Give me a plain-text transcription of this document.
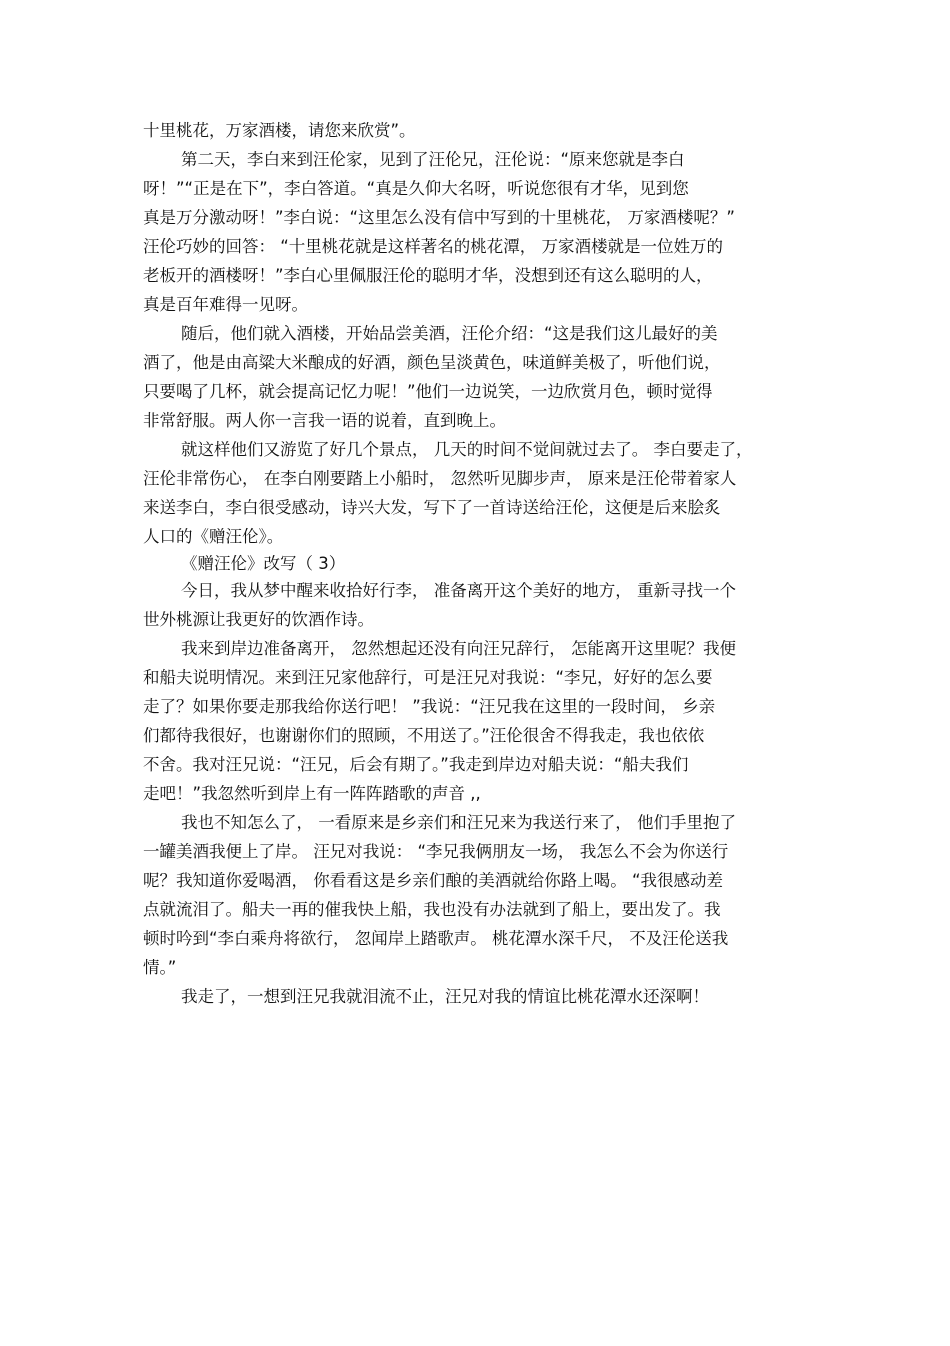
十里桃花，万家酒楼，请您来欣赏”。
第二天，李白来到汪伦家，见到了汪伦兄，汪伦说：“原来您就是李白
呀！”“正是在下”，李白答道。“真是久仰大名呀，听说您很有才华，见到您
真是万分激动呀！”李白说：“这里怎么没有信中写到的十里桃花， 万家酒楼呢？”
汪伦巧妙的回答： “十里桃花就是这样著名的桃花潭， 万家酒楼就是一位姓万的
老板开的酒楼呀！”李白心里佩服汪伦的聪明才华，没想到还有这么聪明的人，
真是百年难得一见呀。
随后，他们就入酒楼，开始品尝美酒，汪伦介绍：“这是我们这儿最好的美
酒了，他是由高粱大米酿成的好酒，颜色呈淡黄色，味道鲜美极了，听他们说，
只要喝了几杯，就会提高记忆力呢！”他们一边说笑，一边欣赏月色，顿时觉得
非常舒服。两人你一言我一语的说着，直到晚上。
就这样他们又游览了好几个景点， 几天的时间不觉间就过去了。 李白要走了，
汪伦非常伤心， 在李白刚要踏上小船时， 忽然听见脚步声， 原来是汪伦带着家人
来送李白，李白很受感动，诗兴大发，写下了一首诗送给汪伦，这便是后来脍炙
人口的《赠汪伦》。
《赠汪伦》改写（ 3）
今日，我从梦中醒来收拾好行李， 准备离开这个美好的地方， 重新寻找一个
世外桃源让我更好的饮酒作诗。
我来到岸边准备离开， 忽然想起还没有向汪兄辞行， 怎能离开这里呢？我便
和船夫说明情况。来到汪兄家他辞行，可是汪兄对我说：“李兄，好好的怎么要
走了？如果你要走那我给你送行吧！ ”我说：“汪兄我在这里的一段时间， 乡亲
们都待我很好，也谢谢你们的照顾，不用送了。”汪伦很舍不得我走，我也依依
不舍。我对汪兄说：“汪兄，后会有期了。”我走到岸边对船夫说：“船夫我们
走吧！”我忽然听到岸上有一阵阵踏歌的声音 ,,
我也不知怎么了， 一看原来是乡亲们和汪兄来为我送行来了， 他们手里抱了
一罐美酒我便上了岸。 汪兄对我说： “李兄我俩朋友一场， 我怎么不会为你送行
呢？我知道你爱喝酒， 你看看这是乡亲们酿的美酒就给你路上喝。 “我很感动差
点就流泪了。船夫一再的催我快上船，我也没有办法就到了船上，要出发了。我
顿时吟到“李白乘舟将欲行， 忽闻岸上踏歌声。 桃花潭水深千尺， 不及汪伦送我
情。”
我走了，一想到汪兄我就泪流不止，汪兄对我的情谊比桃花潭水还深啊！
